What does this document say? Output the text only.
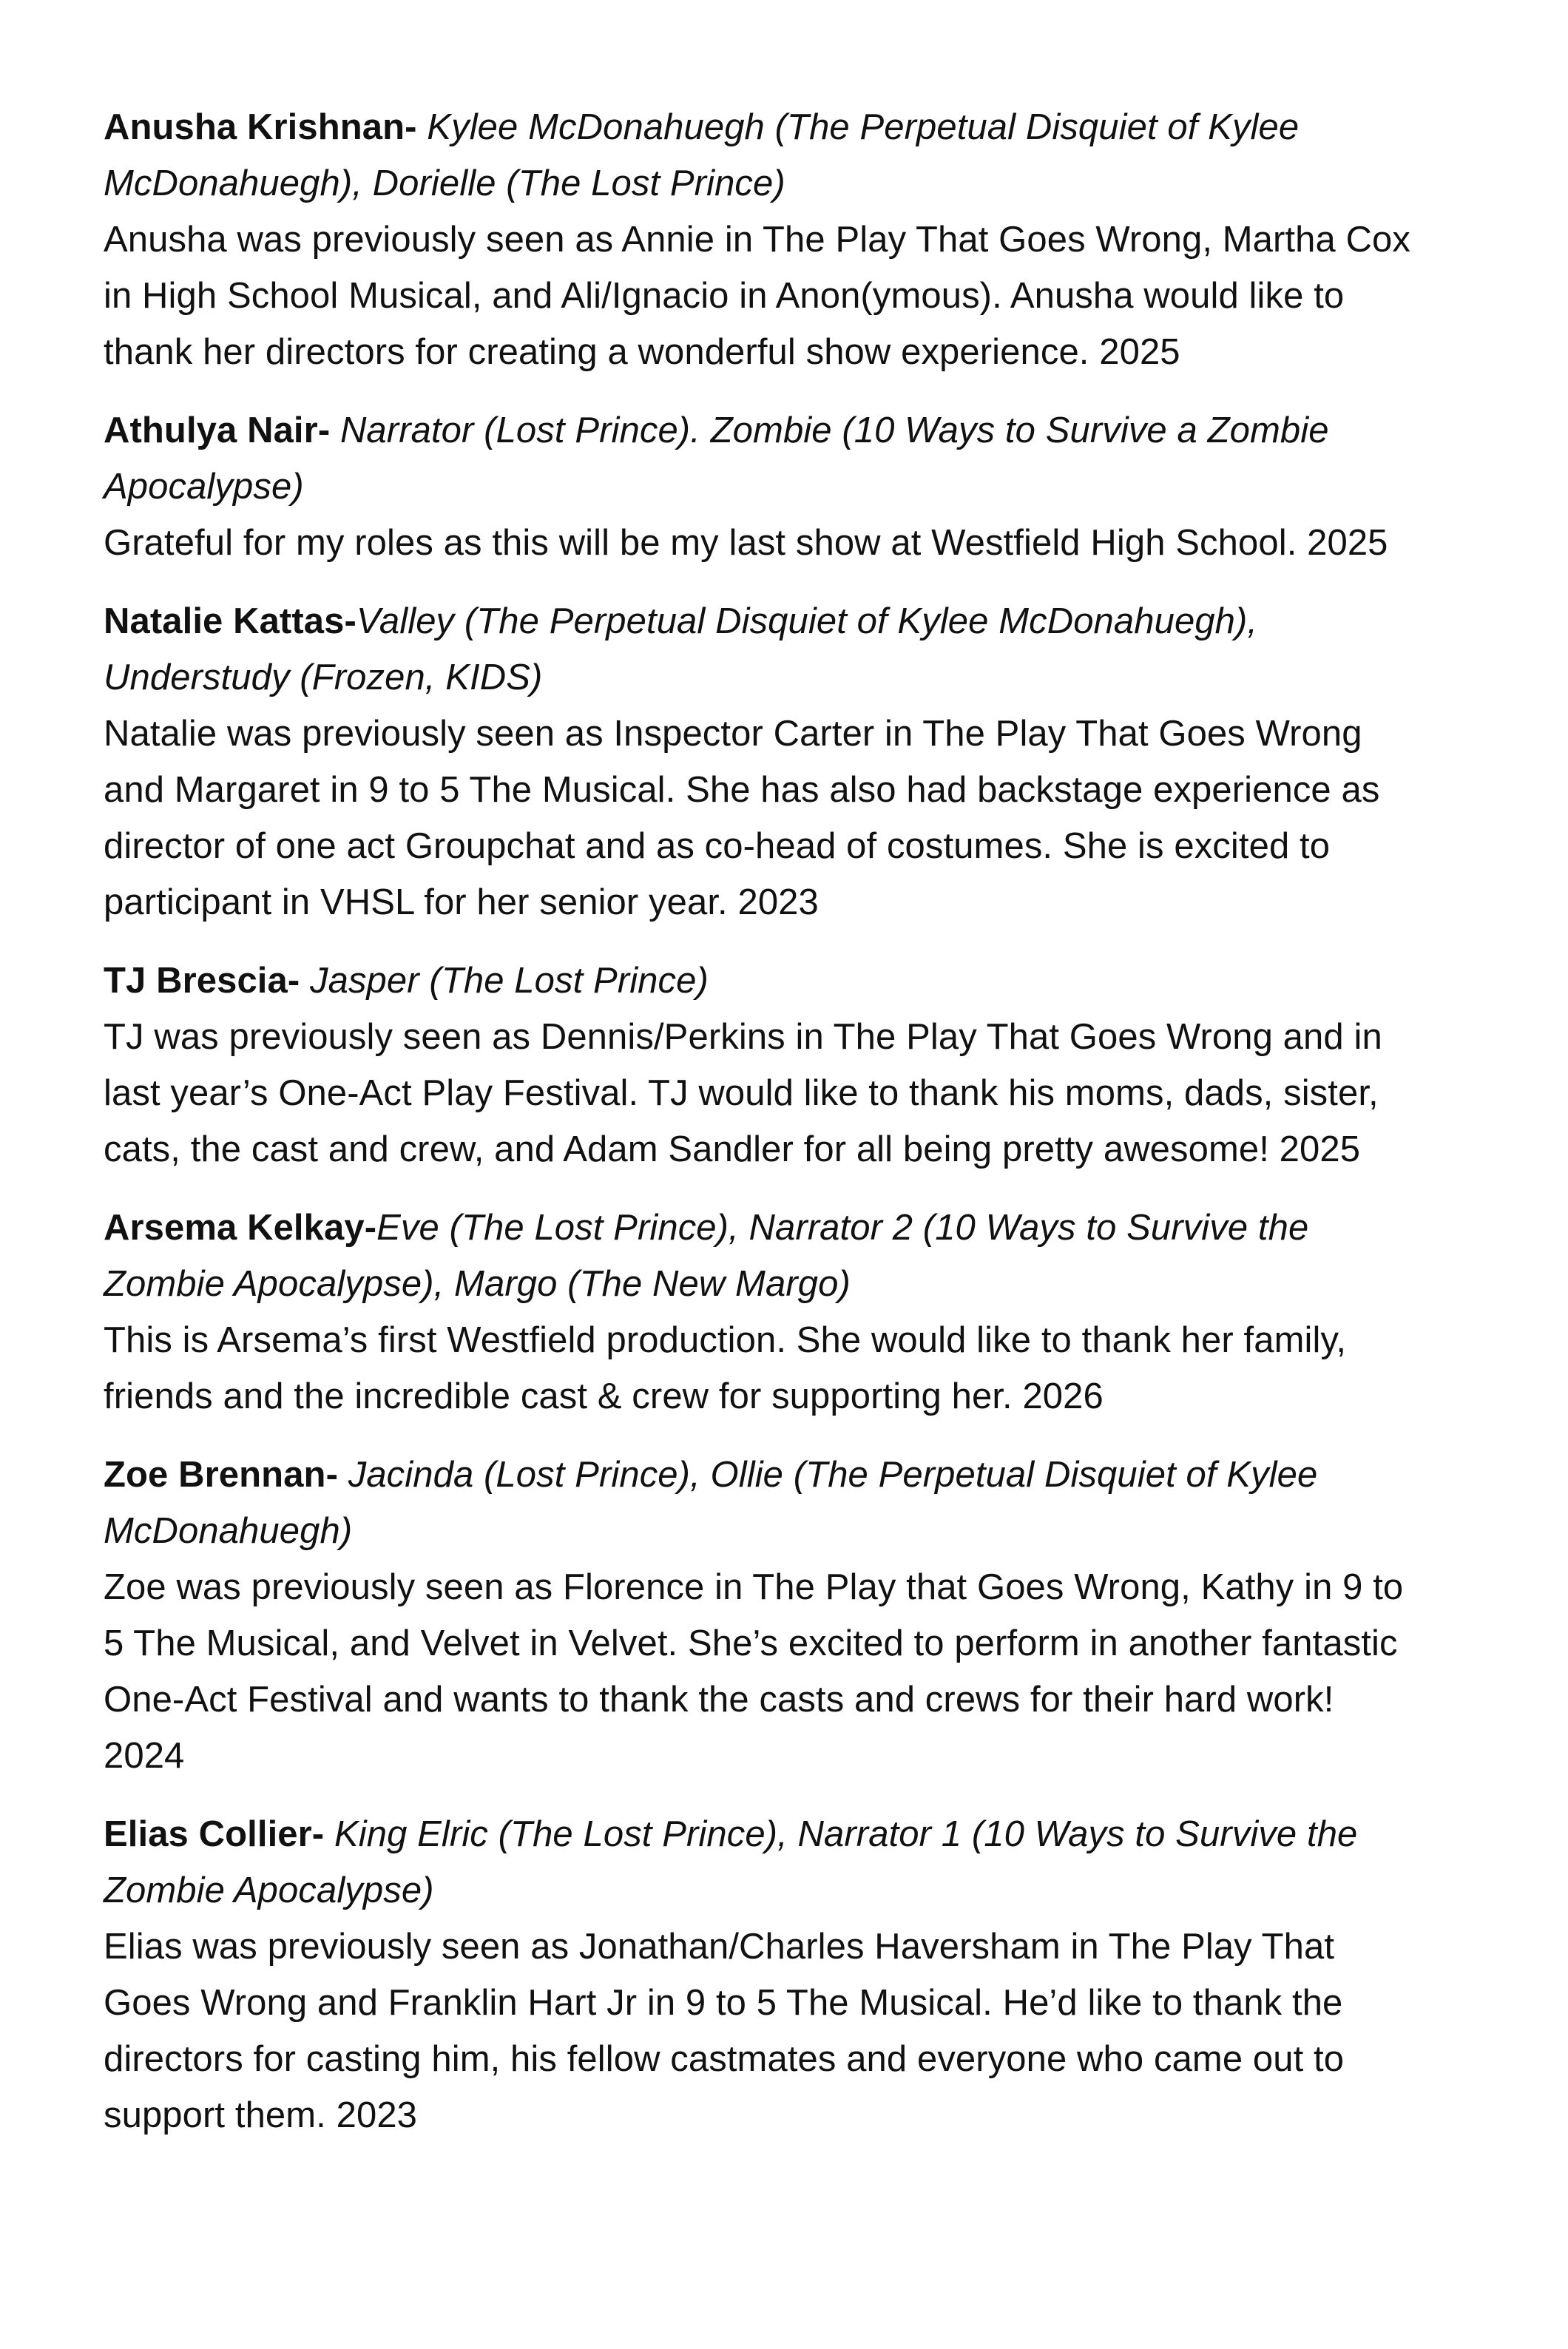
Anusha Krishnan- Kylee McDonahuegh (The Perpetual Disquiet of Kylee McDonahuegh), Dorielle (The Lost Prince)
Anusha was previously seen as Annie in The Play That Goes Wrong, Martha Cox in High School Musical, and Ali/Ignacio in Anon(ymous). Anusha would like to thank her directors for creating a wonderful show experience. 2025
Athulya Nair- Narrator (Lost Prince). Zombie (10 Ways to Survive a Zombie Apocalypse)
Grateful for my roles as this will be my last show at Westfield High School. 2025
Natalie Kattas-Valley (The Perpetual Disquiet of Kylee McDonahuegh), Understudy (Frozen, KIDS)
Natalie was previously seen as Inspector Carter in The Play That Goes Wrong and Margaret in 9 to 5 The Musical. She has also had backstage experience as director of one act Groupchat and as co-head of costumes. She is excited to participant in VHSL for her senior year. 2023
TJ Brescia- Jasper (The Lost Prince)
TJ was previously seen as Dennis/Perkins in The Play That Goes Wrong and in last year’s One-Act Play Festival. TJ would like to thank his moms, dads, sister, cats, the cast and crew, and Adam Sandler for all being pretty awesome! 2025
Arsema Kelkay-Eve (The Lost Prince), Narrator 2 (10 Ways to Survive the Zombie Apocalypse), Margo (The New Margo)
This is Arsema’s first Westfield production. She would like to thank her family, friends and the incredible cast & crew for supporting her. 2026
Zoe Brennan- Jacinda (Lost Prince), Ollie (The Perpetual Disquiet of Kylee McDonahuegh)
Zoe was previously seen as Florence in The Play that Goes Wrong, Kathy in 9 to 5 The Musical, and Velvet in Velvet. She’s excited to perform in another fantastic One-Act Festival and wants to thank the casts and crews for their hard work! 2024
Elias Collier- King Elric (The Lost Prince), Narrator 1 (10 Ways to Survive the Zombie Apocalypse)
Elias was previously seen as Jonathan/Charles Haversham in The Play That Goes Wrong and Franklin Hart Jr in 9 to 5 The Musical. He’d like to thank the directors for casting him, his fellow castmates and everyone who came out to support them. 2023
